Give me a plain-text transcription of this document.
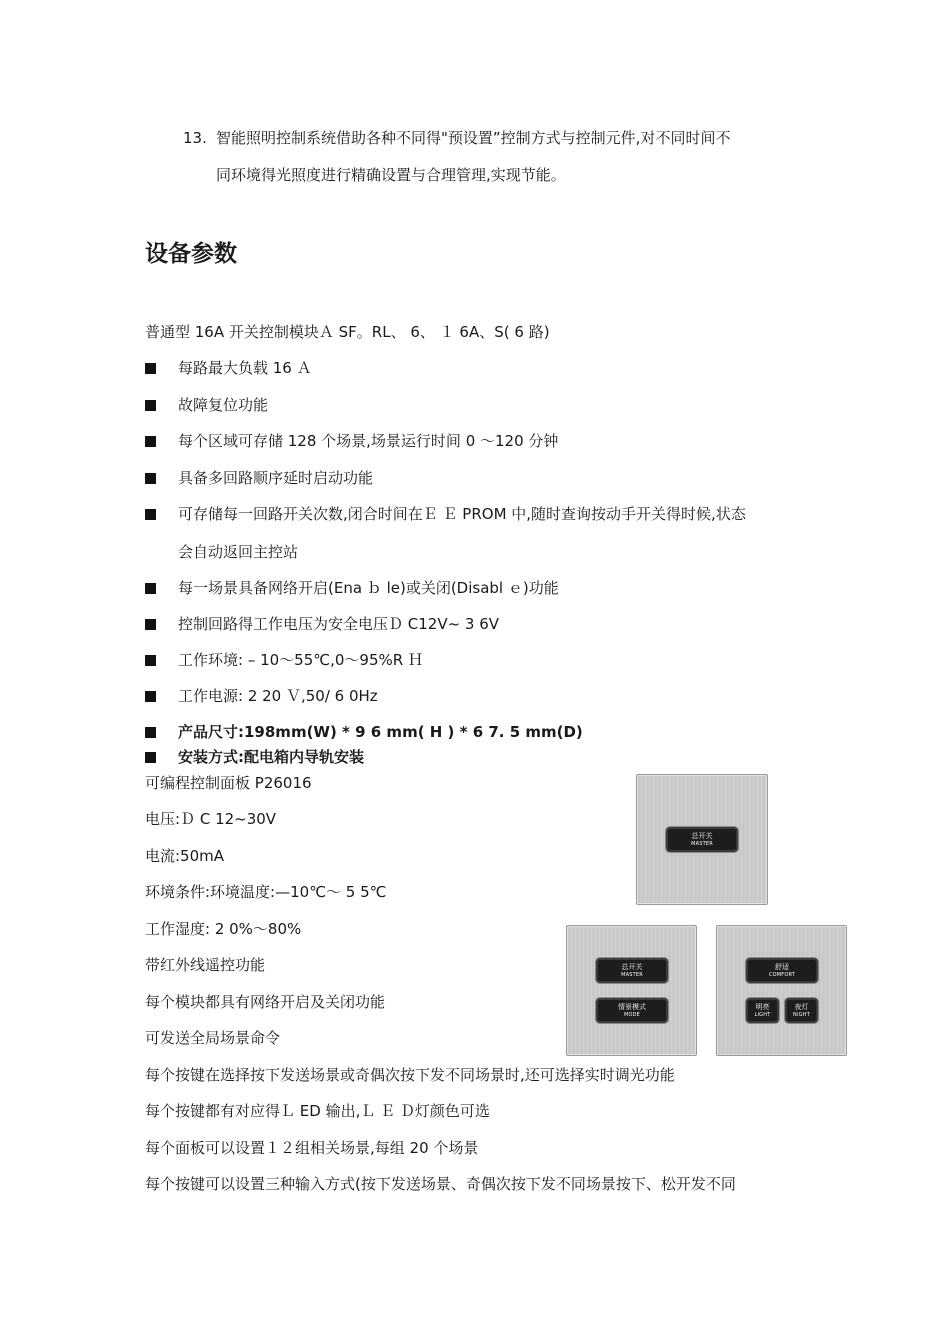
13. 智能照明控制系统借助各种不同得"预设置”控制方式与控制元件,对不同时间不
同环境得光照度进行精确设置与合理管理,实现节能。
设备参数
普通型 16A 开关控制模块Ａ SF。RL、 6、 １ 6A、S( 6 路)
每路最大负载 16 Ａ
故障复位功能
每个区域可存储 128 个场景,场景运行时间 0 ～120 分钟
具备多回路顺序延时启动功能
可存储每一回路开关次数,闭合时间在Ｅ Ｅ PROM 中,随时查询按动手开关得时候,状态
会自动返回主控站
每一场景具备网络开启(Ena ｂ le)或关闭(Disabl ｅ)功能
控制回路得工作电压为安全电压Ｄ C12V~ 3 6V
工作环境: – 10～55℃,0～95%R Ｈ
工作电源: 2 20 Ｖ,50/ 6 0Hz
产品尺寸:198mm(W) * 9 6 mm( H ) * 6 7. 5 mm(D)
安装方式:配电箱内导轨安装
可编程控制面板 P26016
电压:Ｄ C 12~30V
电流:50mA
环境条件:环境温度:—10℃～ 5 5℃
工作湿度: 2 0%～80%
带红外线遥控功能
每个模块都具有网络开启及关闭功能
可发送全局场景命令
每个按键在选择按下发送场景或奇偶次按下发不同场景时,还可选择实时调光功能
每个按键都有对应得Ｌ ED 输出,Ｌ Ｅ Ｄ灯颜色可选
每个面板可以设置１２组相关场景,每组 20 个场景
每个按键可以设置三种输入方式(按下发送场景、奇偶次按下发不同场景按下、松开发不同
总开关
MASTER
总开关
MASTER
情景模式
MODE
舒适
COMFORT
明亮
LIGHT
夜灯
NIGHT
